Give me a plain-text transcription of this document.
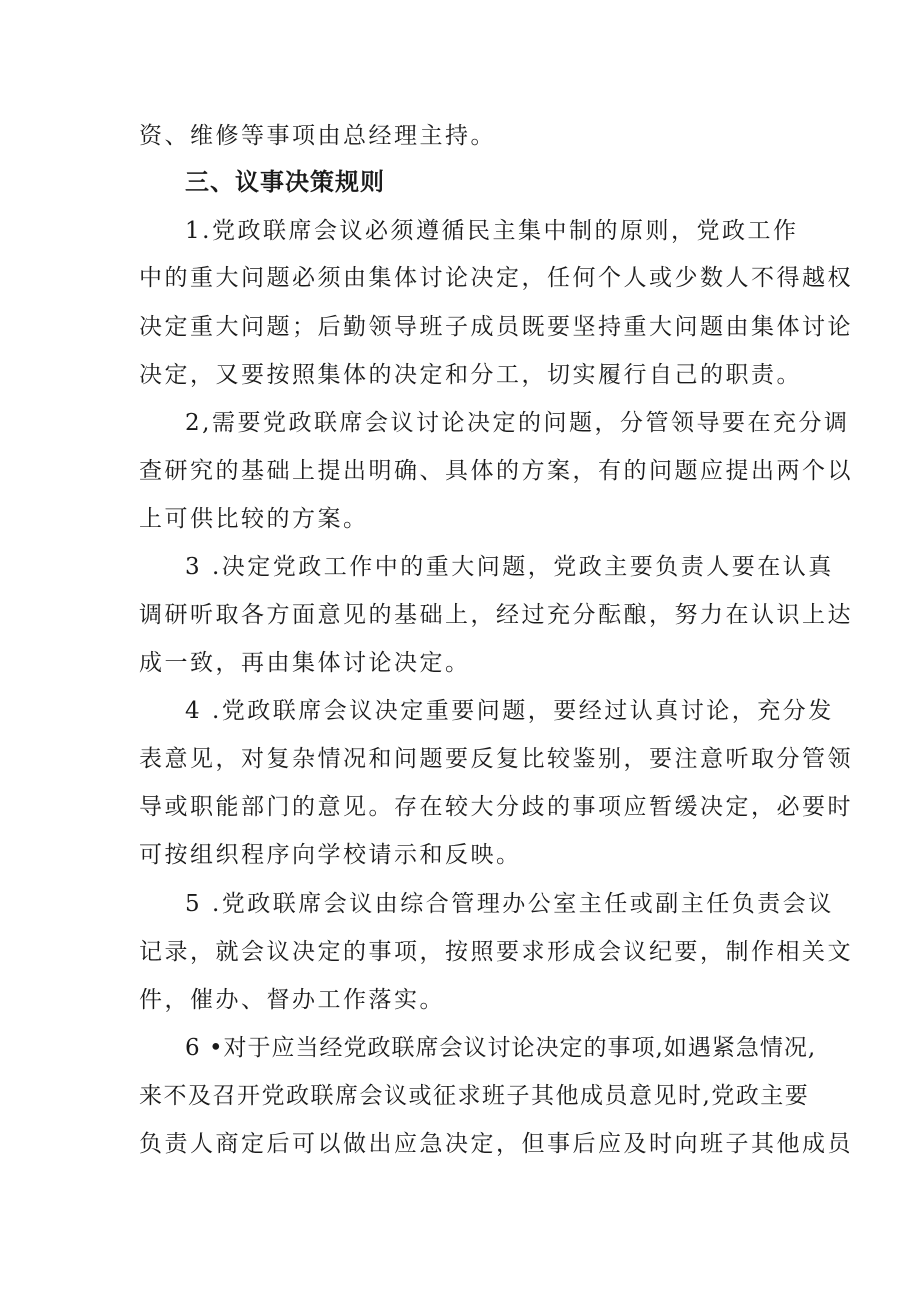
资、维修等事项由总经理主持。
三、议事决策规则
1.党政联席会议必须遵循民主集中制的原则，党政工作
中的重大问题必须由集体讨论决定，任何个人或少数人不得越权
决定重大问题；后勤领导班子成员既要坚持重大问题由集体讨论
决定，又要按照集体的决定和分工，切实履行自己的职责。
2,需要党政联席会议讨论决定的问题，分管领导要在充分调
查研究的基础上提出明确、具体的方案，有的问题应提出两个以
上可供比较的方案。
3 .决定党政工作中的重大问题，党政主要负责人要在认真
调研听取各方面意见的基础上，经过充分酝酿，努力在认识上达
成一致，再由集体讨论决定。
4 .党政联席会议决定重要问题，要经过认真讨论，充分发
表意见，对复杂情况和问题要反复比较鉴别，要注意听取分管领
导或职能部门的意见。存在较大分歧的事项应暂缓决定，必要时
可按组织程序向学校请示和反映。
5 .党政联席会议由综合管理办公室主任或副主任负责会议
记录，就会议决定的事项，按照要求形成会议纪要，制作相关文
件，催办、督办工作落实。
6 •对于应当经党政联席会议讨论决定的事项,如遇紧急情况,
来不及召开党政联席会议或征求班子其他成员意见时,党政主要
负责人商定后可以做出应急决定，但事后应及时向班子其他成员
